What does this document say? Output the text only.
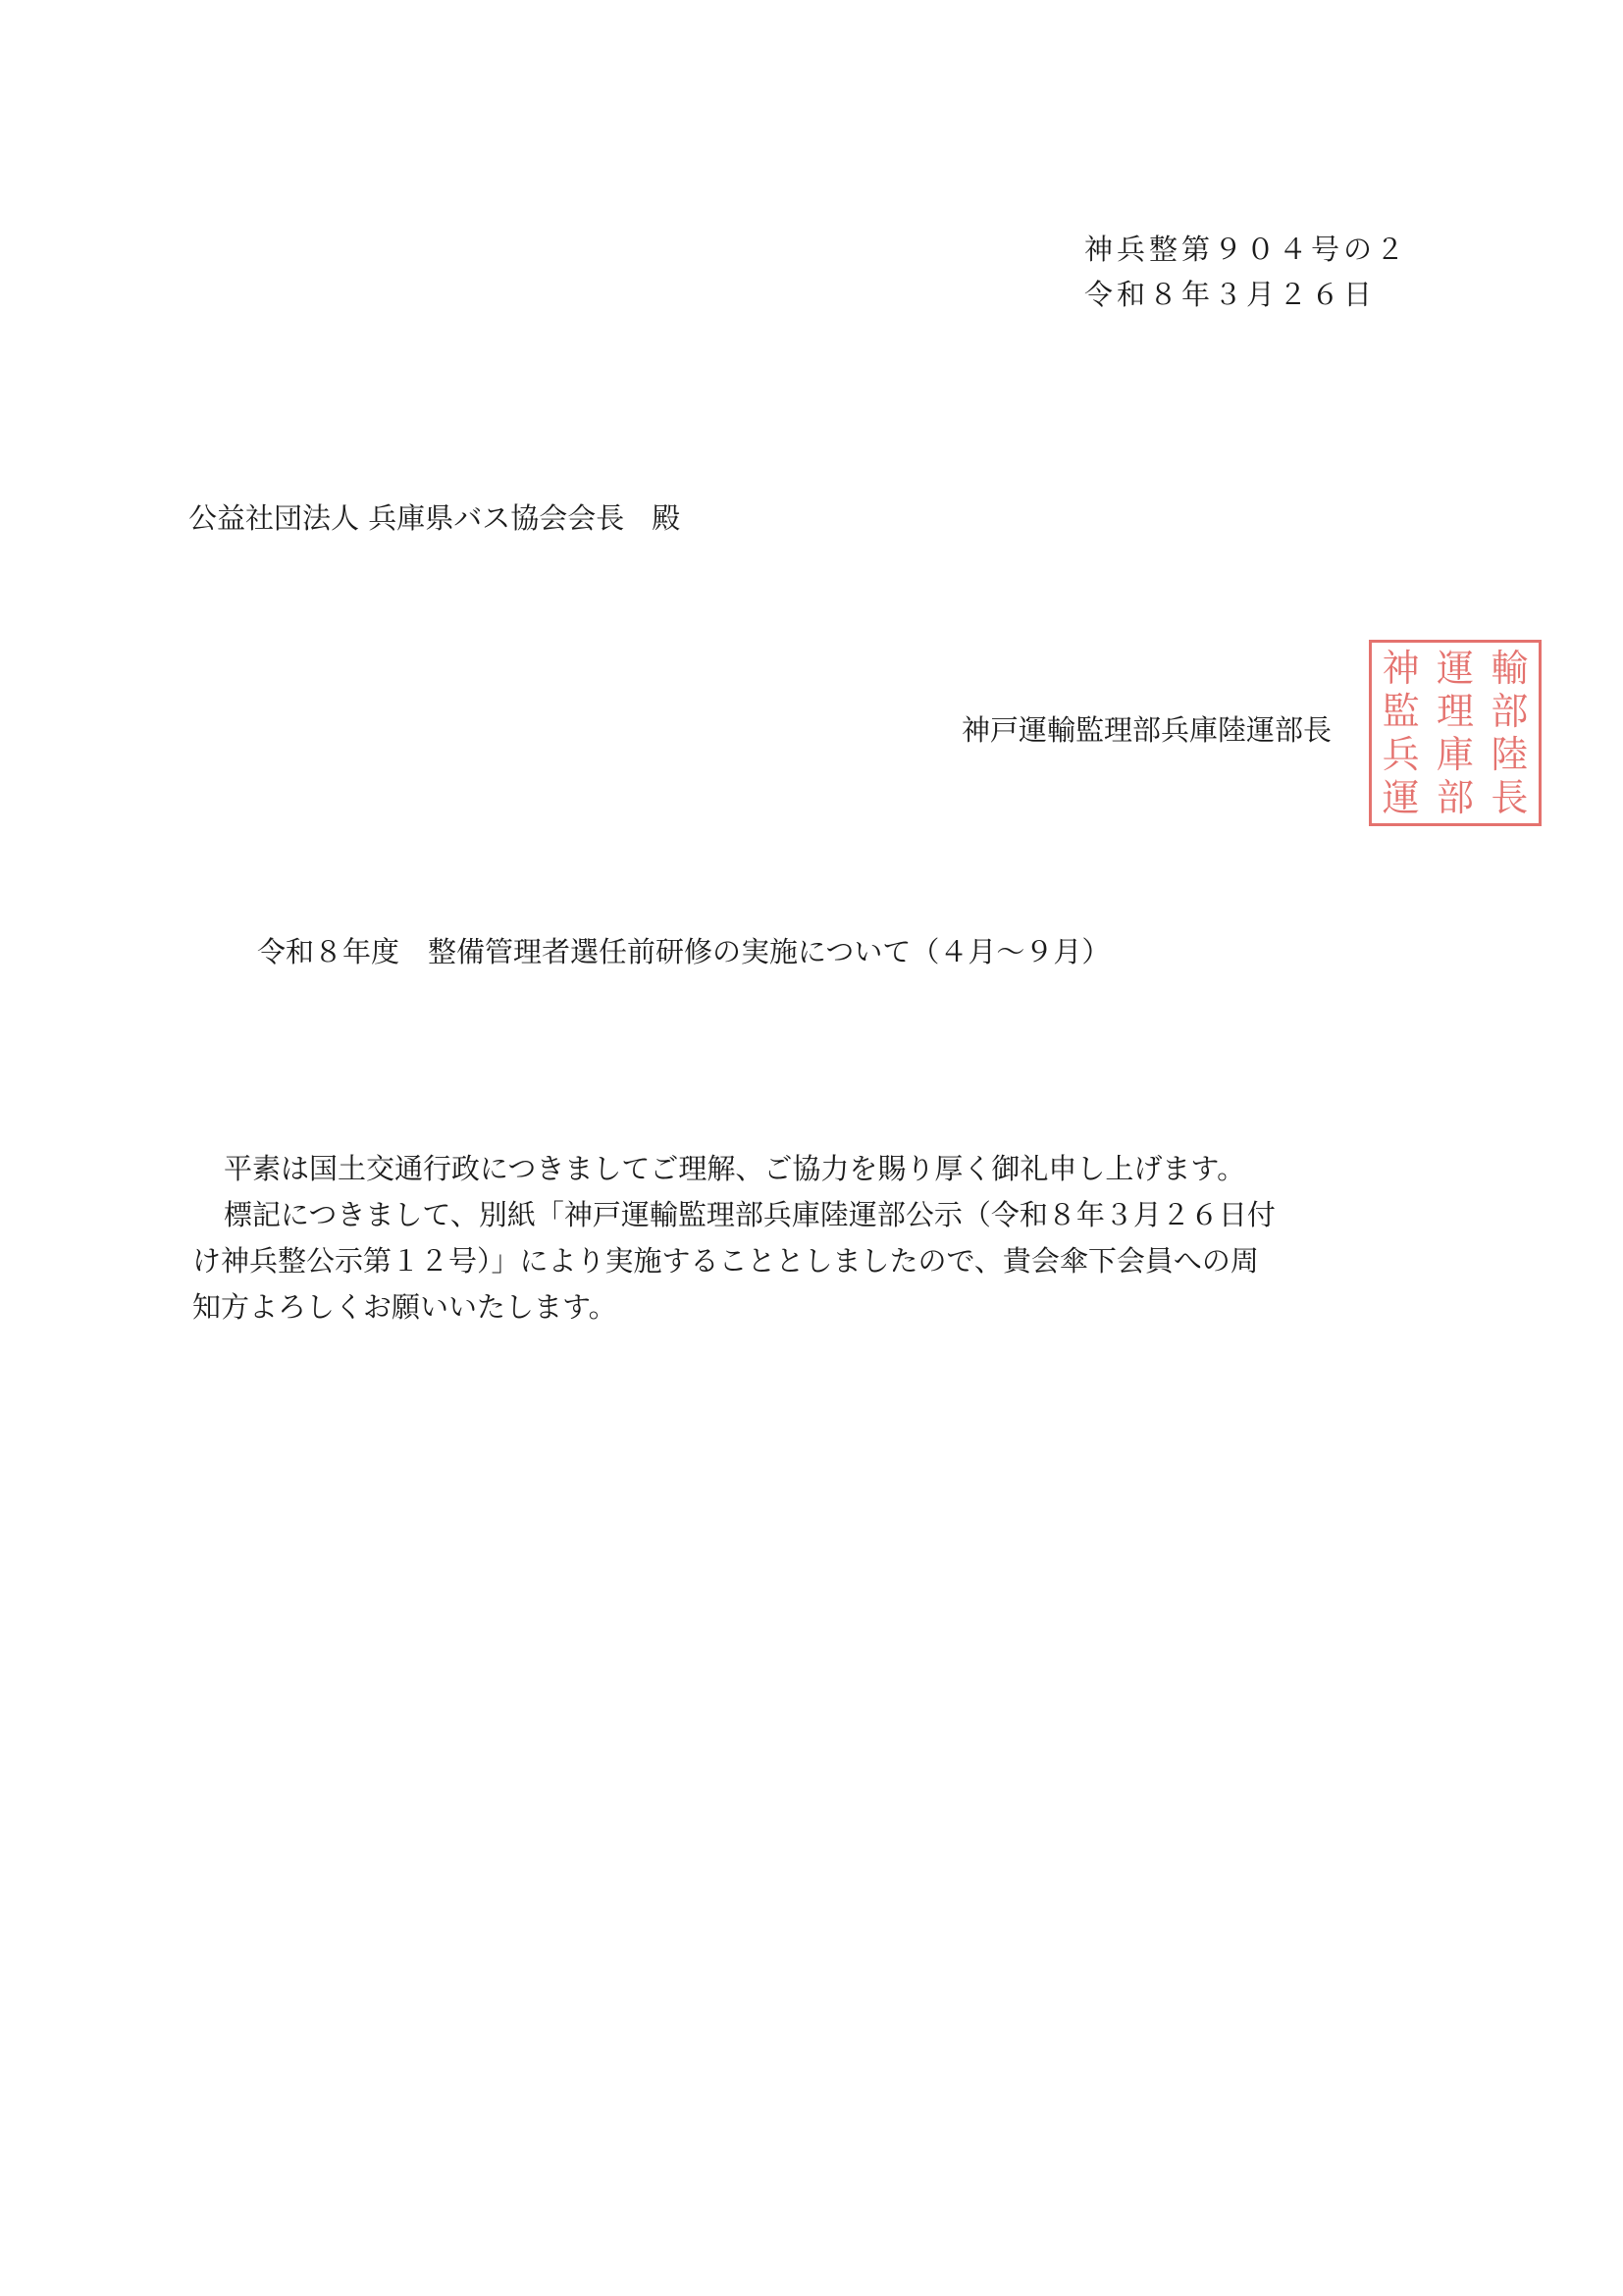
神兵整第９０４号の２
令和８年３月２６日
公益社団法人 兵庫県バス協会会長 殿
神戸運輸監理部兵庫陸運部長
輸
部
陸
長
運
理
庫
部
神
監
兵
運
令和８年度　整備管理者選任前研修の実施について（４月～９月）

平素は国土交通行政につきましてご理解、ご協力を賜り厚く御礼申し上げます。

標記につきまして、別紙「神戸運輸監理部兵庫陸運部公示（令和８年３月２６日付

け神兵整公示第１２号）」により実施することとしましたので、貴会傘下会員への周

知方よろしくお願いいたします。
